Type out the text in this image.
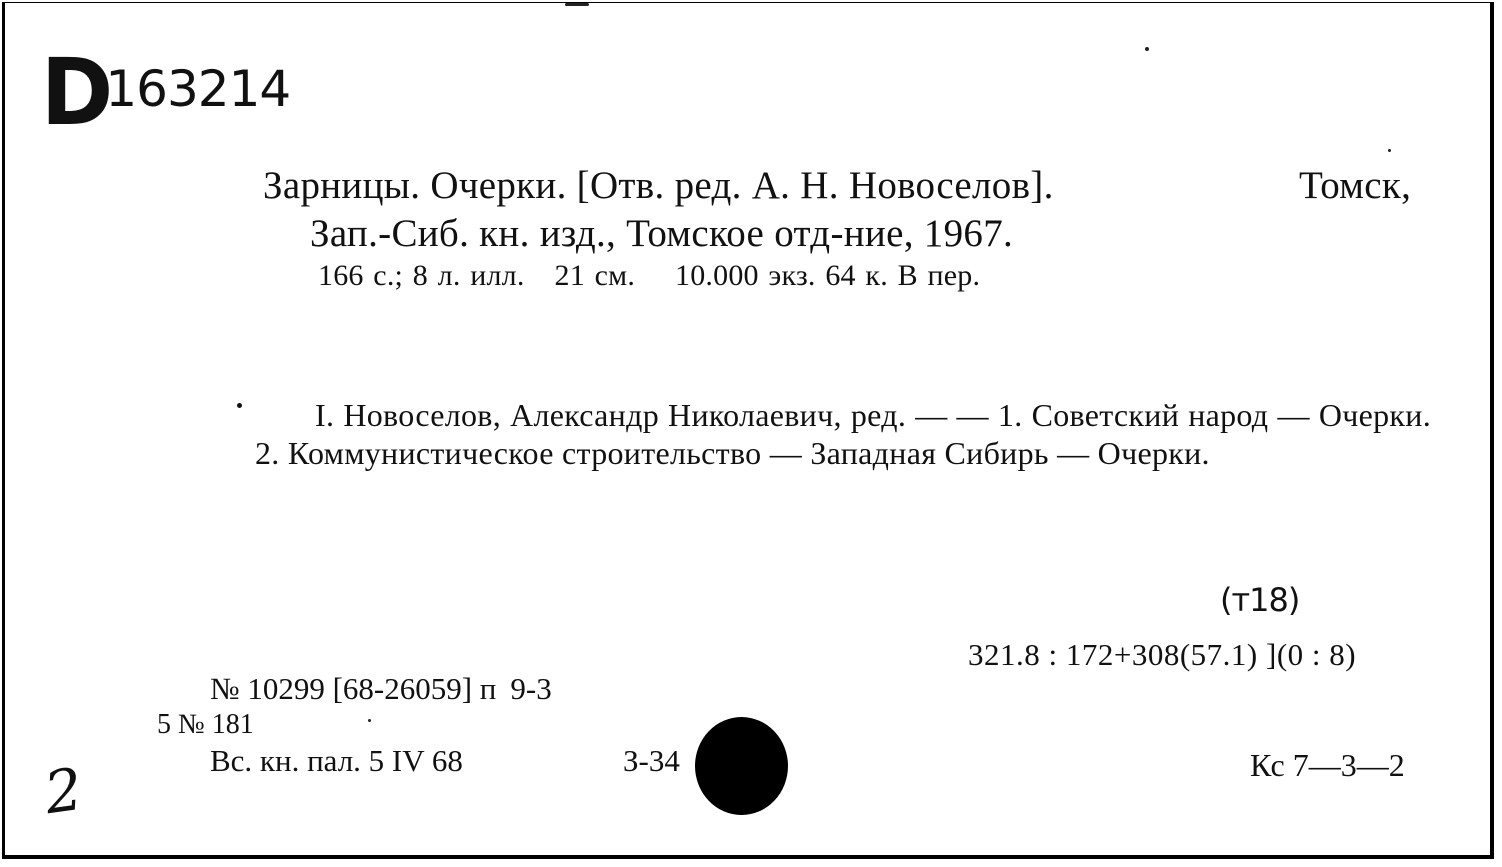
D163214
Зарницы. Очерки. [Отв. ред. А. Н. Новоселов].	Томск,
Зап.-Сиб. кн. изд., Томское отд-ние, 1967.
166 с.; 8 л. илл. 21 см. 10.000 экз. 64 к. В пер.
I. Новоселов, Александр Николаевич, ред. — — 1. Советский народ — Очерки. 2. Коммунистическое строительство — Западная Сибирь — Очерки.
(т18)
321.8 : 172+308(57.1) ](0 : 8)
№ 10299 [68-26059] п 9-3
5 № 181
Вс. кн. пал. 5 IV 68	З-34	Кс 7—3—2
2
